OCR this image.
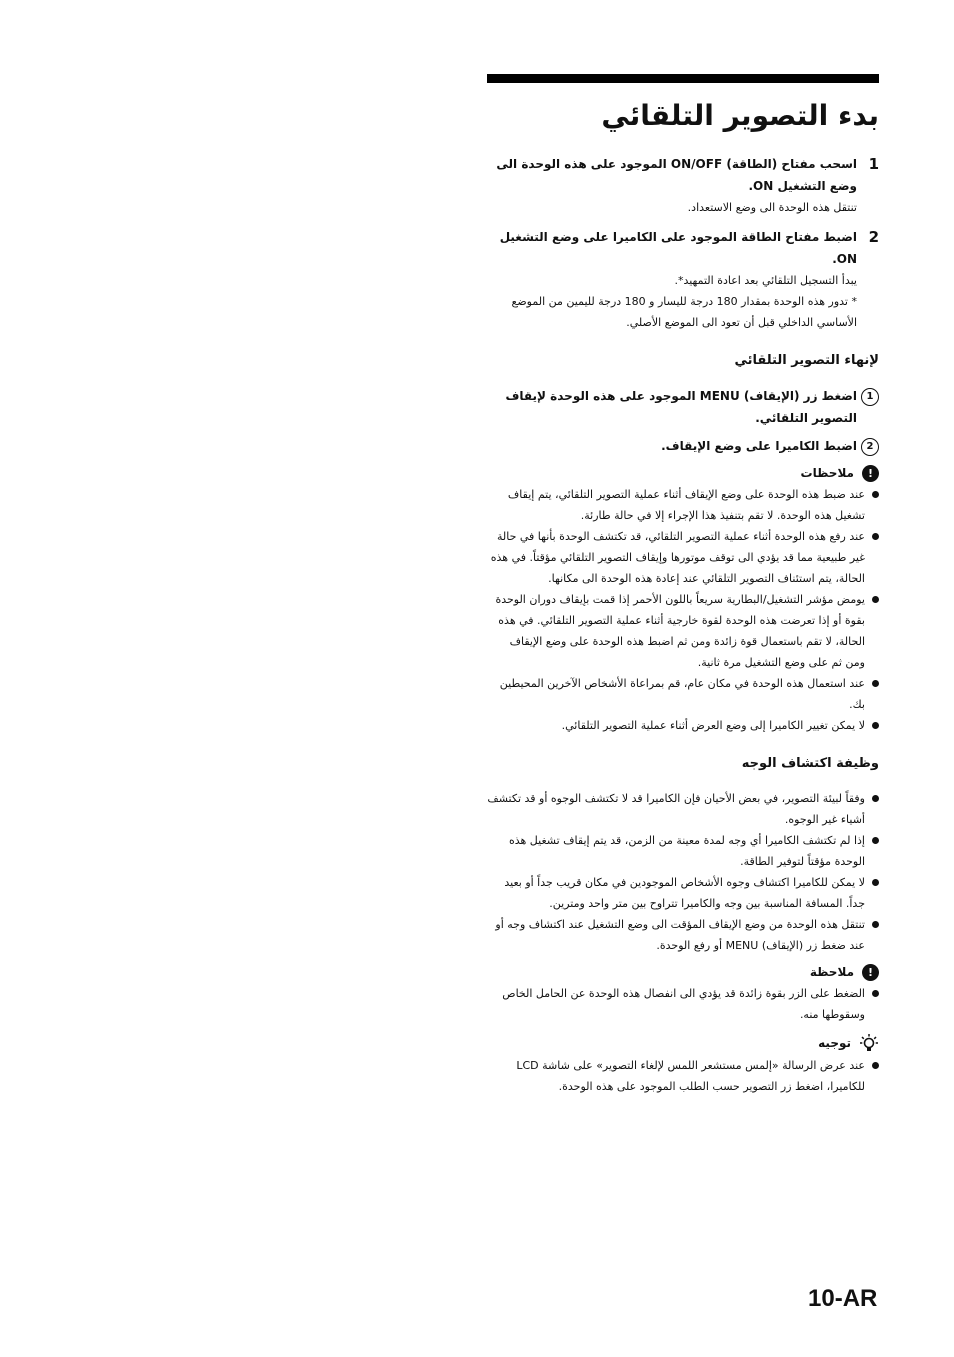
بدء التصوير التلقائي
1
اسحب مفتاح (الطاقة) ON/OFF الموجود على هذه الوحدة الى وضع التشغيل ON.
تنتقل هذه الوحدة الى وضع الاستعداد.
2
اضبط مفتاح الطاقة الموجود على الكاميرا على وضع التشغيل ON.
يبدأ التسجيل التلقائي بعد اعادة التمهيد*.
* تدور هذه الوحدة بمقدار 180 درجة لليسار و 180 درجة لليمين من الموضع الأساسي الداخلي قبل أن تعود الى الموضع الأصلي.
لإنهاء التصوير التلقائي
1
اضغط زر (الإيقاف) MENU الموجود على هذه الوحدة لإيقاف التصوير التلقائي.
2
اضبط الكاميرا على وضع الإيقاف.
!
ملاحظات
عند ضبط هذه الوحدة على وضع الإيقاف أثناء عملية التصوير التلقائي، يتم إيقاف تشغيل هذه الوحدة. لا تقم بتنفيذ هذا الإجراء إلا في حالة طارئة.
عند رفع هذه الوحدة أثناء عملية التصوير التلقائي، قد تكتشف الوحدة بأنها في حالة غير طبيعية مما قد يؤدي الى توقف موتورها وإيقاف التصوير التلقائي مؤقتاً. في هذه الحالة، يتم استئناف التصوير التلقائي عند إعادة هذه الوحدة الى مكانها.
يومض مؤشر التشغيل/البطارية سريعاً باللون الأحمر إذا قمت بإيقاف دوران الوحدة بقوة أو إذا تعرضت هذه الوحدة لقوة خارجية أثناء عملية التصوير التلقائي. في هذه الحالة، لا تقم باستعمال قوة زائدة ومن ثم اضبط هذه الوحدة على وضع الإيقاف ومن ثم على وضع التشغيل مرة ثانية.
عند استعمال هذه الوحدة في مكان عام، قم بمراعاة الأشخاص الآخرين المحيطين بك.
لا يمكن تغيير الكاميرا إلى وضع العرض أثناء عملية التصوير التلقائي.
وظيفة اكتشاف الوجه
وفقاً لبيئة التصوير، في بعض الأحيان فإن الكاميرا قد لا تكتشف الوجوه أو قد تكتشف أشياء غير الوجوه.
إذا لم تكتشف الكاميرا أي وجه لمدة معينة من الزمن، قد يتم إيقاف تشغيل هذه الوحدة مؤقتاً لتوفير الطاقة.
لا يمكن للكاميرا اكتشاف وجوه الأشخاص الموجودين في مكان قريب جداً أو بعيد جداً. المسافة المناسبة بين وجه والكاميرا تتراوح بين متر واحد ومترين.
تنتقل هذه الوحدة من وضع الإيقاف المؤقت الى وضع التشغيل عند اكتشاف وجه أو عند ضغط زر (الإيقاف) MENU أو رفع الوحدة.
!
ملاحظة
الضغط على الزر بقوة زائدة قد يؤدي الى انفصال هذه الوحدة عن الحامل الخاص وسقوطها منه.
توجيه
عند عرض الرسالة «إلمس مستشعر اللمس لإلغاء التصوير» على شاشة LCD للكاميرا، اضغط زر التصوير حسب الطلب الموجود على هذه الوحدة.
10-AR
